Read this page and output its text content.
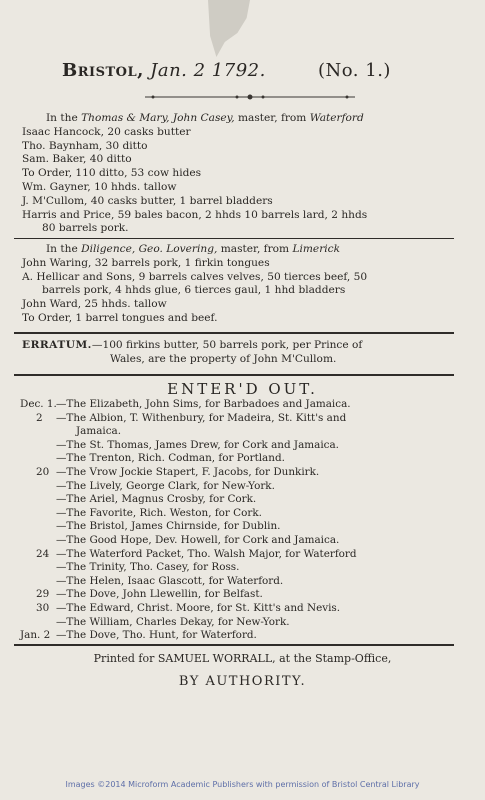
Bristol, Jan. 2 1792.	(No. 1.)

In the Thomas & Mary, John Casey, master, from Waterford

Isaac Hancock, 20 casks butter

Tho. Baynham, 30 ditto

Sam. Baker, 40 ditto

To Order, 110 ditto, 53 cow hides

Wm. Gayner, 10 hhds. tallow

J. M'Cullom, 40 casks butter, 1 barrel bladders

Harris and Price, 59 bales bacon, 2 hhds 10 barrels lard, 2 hhds

80 barrels pork.

In the Diligence, Geo. Lovering, master, from Limerick

John Waring, 32 barrels pork, 1 firkin tongues

A. Hellicar and Sons, 9 barrels calves velves, 50 tierces beef, 50

barrels pork, 4 hhds glue, 6 tierces gaul, 1 hhd bladders

John Ward, 25 hhds. tallow

To Order, 1 barrel tongues and beef.

ERRATUM.—100 firkins butter, 50 barrels pork, per Prince of

Wales, are the property of John M'Cullom.

ENTER'D OUT.
Dec. 1. —The Elizabeth, John Sims, for Barbadoes and Jamaica.
2	—The Albion, T. Withenbury, for Madeira, St. Kitt's and
Jamaica.
—The St. Thomas, James Drew, for Cork and Jamaica.
—The Trenton, Rich. Codman, for Portland.
20 —The Vrow Jockie Stapert, F. Jacobs, for Dunkirk.
—The Lively, George Clark, for New-York.
—The Ariel, Magnus Crosby, for Cork.
—The Favorite, Rich. Weston, for Cork.
—The Bristol, James Chirnside, for Dublin.
—The Good Hope, Dev. Howell, for Cork and Jamaica.
24 —The Waterford Packet, Tho. Walsh Major, for Waterford
—The Trinity, Tho. Casey, for Ross.
—The Helen, Isaac Glascott, for Waterford.
29 —The Dove, John Llewellin, for Belfast.
30 —The Edward, Christ. Moore, for St. Kitt's and Nevis.
—The William, Charles Dekay, for New-York.
Jan. 2 —The Dove, Tho. Hunt, for Waterford.
Printed for SAMUEL WORRALL, at the Stamp-Office,
BY AUTHORITY.
Images ©2014 Microform Academic Publishers with permission of Bristol Central Library
